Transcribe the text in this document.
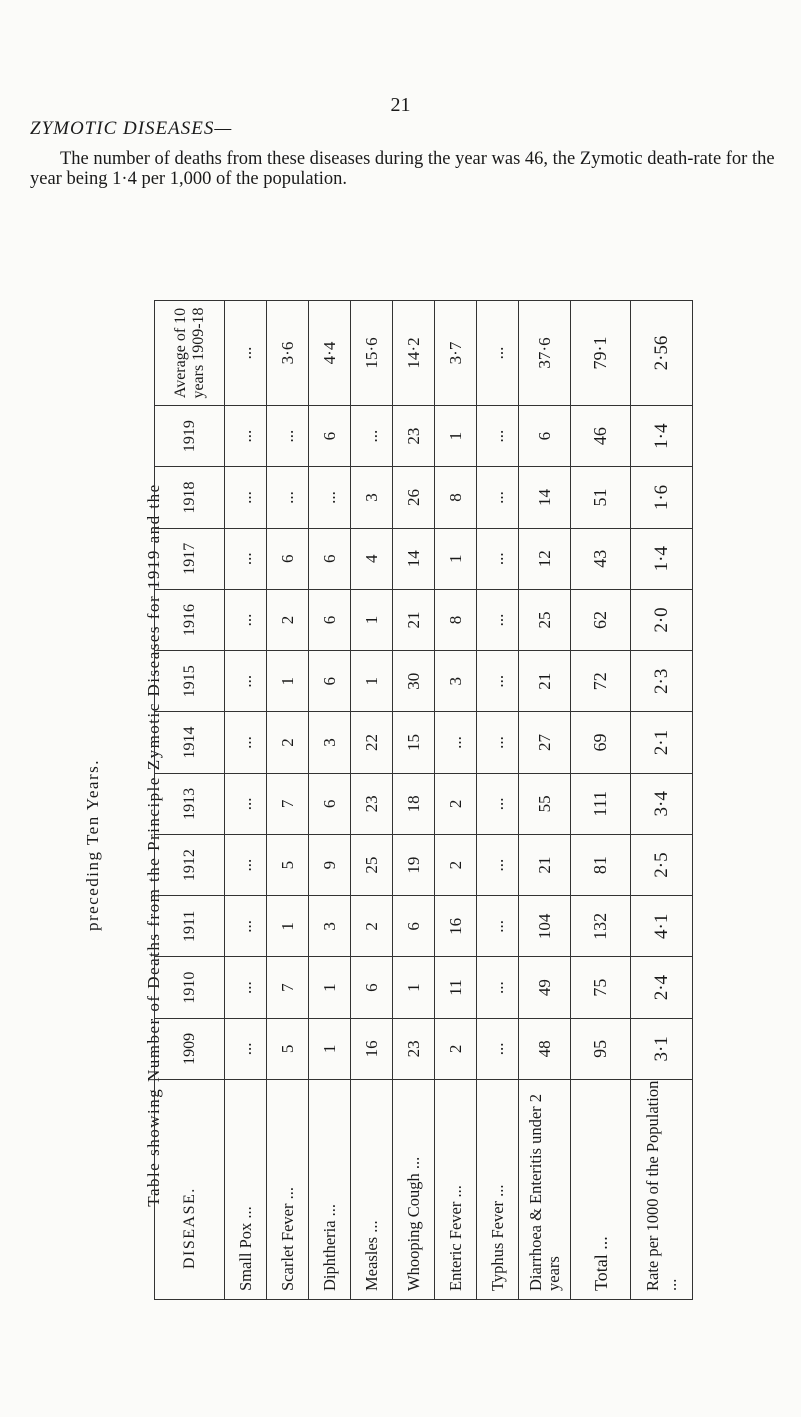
21
ZYMOTIC DISEASES—
The number of deaths from these diseases during the year was 46, the Zymotic death-rate for the year being 1·4 per 1,000 of the population.
Table showing Number of Deaths from the Principle Zymotic Diseases for 1919 and the
preceding Ten Years.
DISEASE.	1909	1910	1911	1912	1913	1914	1915	1916	1917	1918	1919	Average of 10 years 1909-18
Small Pox ...	...	...	...	...	...	...	...	...	...	...	...	...
Scarlet Fever ...	5	7	1	5	7	2	1	2	6	...	...	3·6
Diphtheria ...	1	1	3	9	6	3	6	6	6	...	6	4·4
Measles ...	16	6	2	25	23	22	1	1	4	3	...	15·6
Whooping Cough ...	23	1	6	19	18	15	30	21	14	26	23	14·2
Enteric Fever ...	2	11	16	2	2	...	3	8	1	8	1	3·7
Typhus Fever ...	...	...	...	...	...	...	...	...	...	...	...	...
Diarrhoea & Enteritis under 2 years	48	49	104	21	55	27	21	25	12	14	6	37·6
Total ...	95	75	132	81	111	69	72	62	43	51	46	79·1
Rate per 1000 of the Population ...	3·1	2·4	4·1	2·5	3·4	2·1	2·3	2·0	1·4	1·6	1·4	2·56
